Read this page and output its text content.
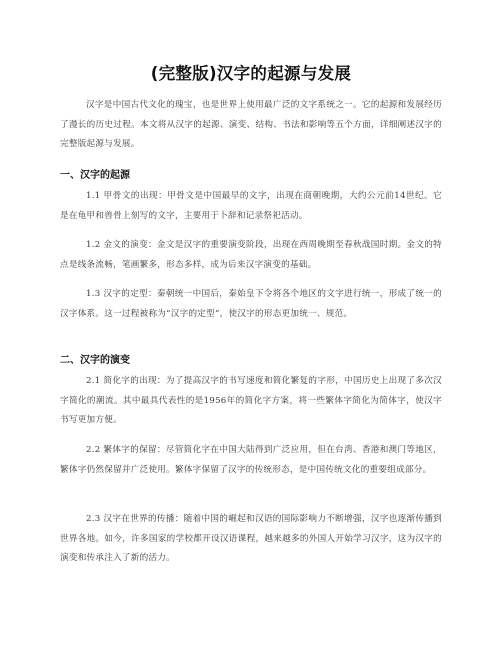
(完整版)汉字的起源与发展
汉字是中国古代文化的瑰宝，也是世界上使用最广泛的文字系统之一。它的起源和发展经历了漫长的历史过程。本文将从汉字的起源、演变、结构、书法和影响等五个方面，详细阐述汉字的完整版起源与发展。
一、汉字的起源
1.1 甲骨文的出现：甲骨文是中国最早的文字，出现在商朝晚期，大约公元前14世纪。它是在龟甲和兽骨上刻写的文字，主要用于卜辞和记录祭祀活动。
1.2 金文的演变：金文是汉字的重要演变阶段，出现在西周晚期至春秋战国时期。金文的特点是线条流畅，笔画繁多，形态多样，成为后来汉字演变的基础。
1.3 汉字的定型：秦朝统一中国后，秦始皇下令将各个地区的文字进行统一，形成了统一的汉字体系。这一过程被称为“汉字的定型”，使汉字的形态更加统一、规范。
二、汉字的演变
2.1 简化字的出现：为了提高汉字的书写速度和简化繁复的字形，中国历史上出现了多次汉字简化的潮流。其中最具代表性的是1956年的简化字方案，将一些繁体字简化为简体字，使汉字书写更加方便。
2.2 繁体字的保留：尽管简化字在中国大陆得到广泛应用，但在台湾、香港和澳门等地区，繁体字仍然保留并广泛使用。繁体字保留了汉字的传统形态，是中国传统文化的重要组成部分。
2.3 汉字在世界的传播：随着中国的崛起和汉语的国际影响力不断增强，汉字也逐渐传播到世界各地。如今，许多国家的学校都开设汉语课程，越来越多的外国人开始学习汉字，这为汉字的演变和传承注入了新的活力。
